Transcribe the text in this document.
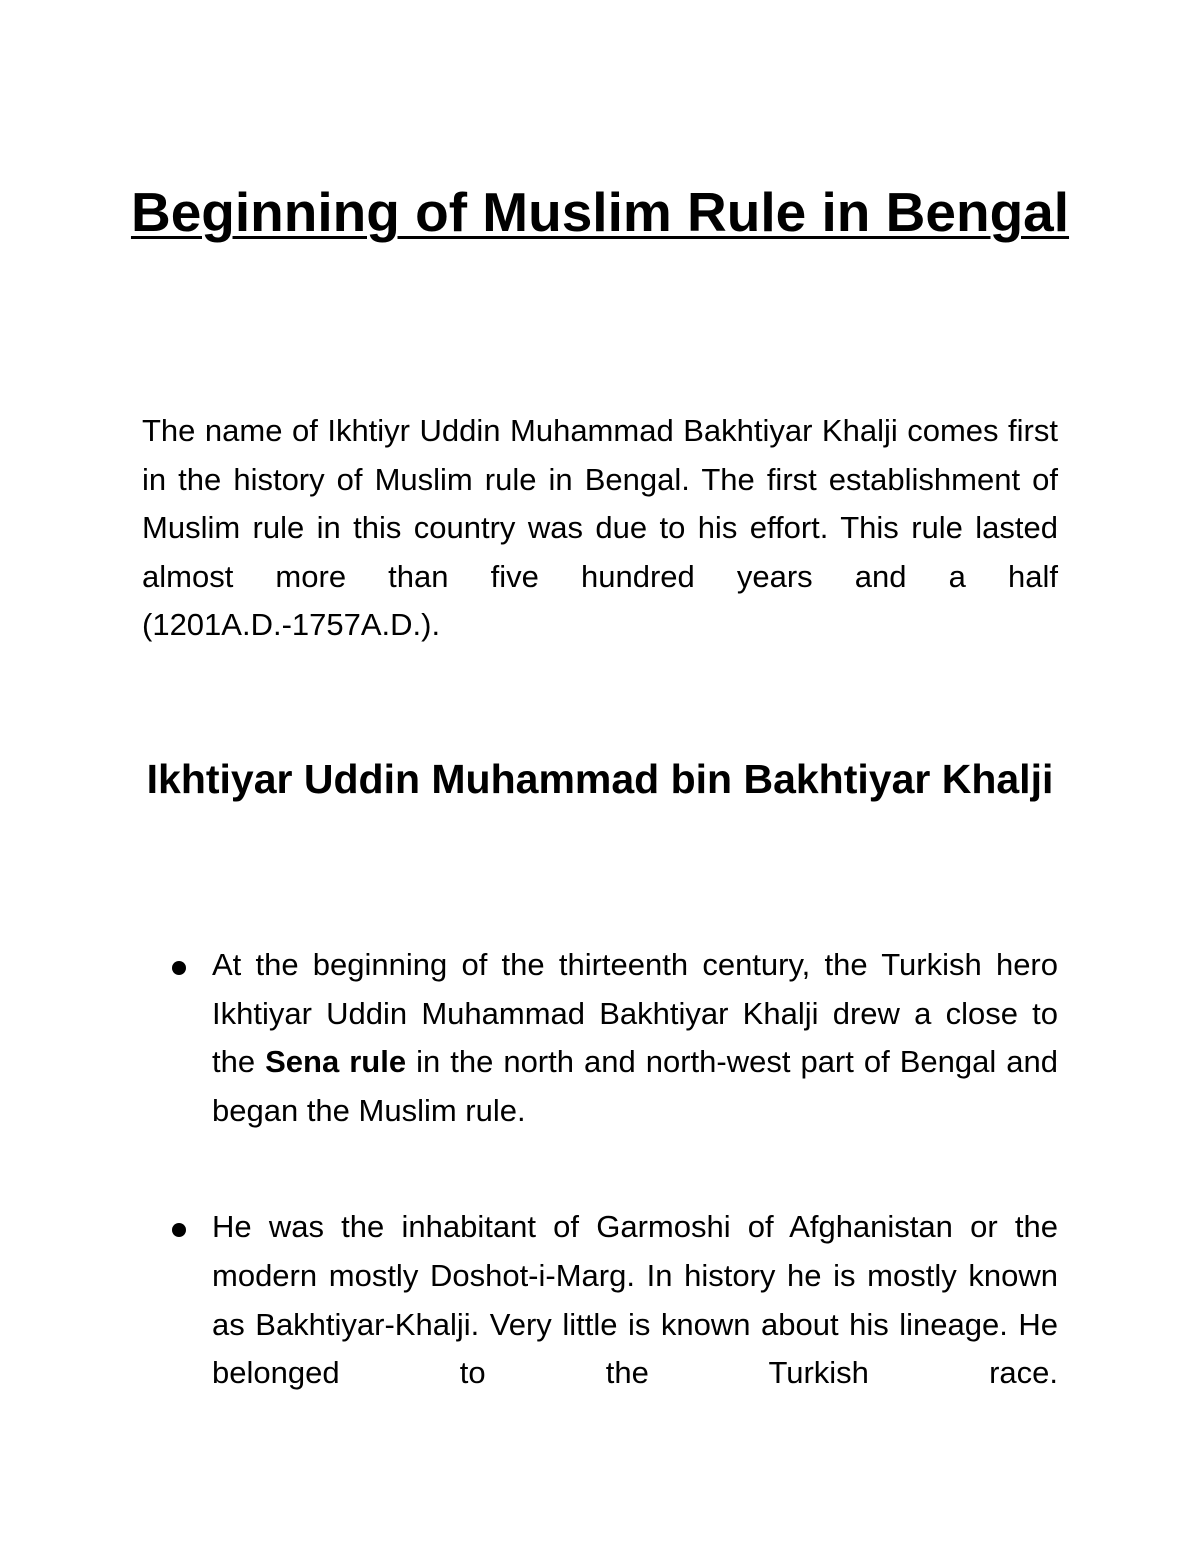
Beginning of Muslim Rule in Bengal

The name of Ikhtiyr Uddin Muhammad Bakhtiyar Khalji comes first in the history of Muslim rule in Bengal. The first establishment of Muslim rule in this country was due to his effort. This rule lasted almost more than five hundred years and a half (1201A.D.-1757A.D.).

Ikhtiyar Uddin Muhammad bin Bakhtiyar Khalji

At the beginning of the thirteenth century, the Turkish hero Ikhtiyar Uddin Muhammad Bakhtiyar Khalji drew a close to the Sena rule in the north and north-west part of Bengal and began the Muslim rule.

He was the inhabitant of Garmoshi of Afghanistan or the modern mostly Doshot-i-Marg. In history he is mostly known as Bakhtiyar-Khalji. Very little is known about his lineage. He belonged to the Turkish race.
